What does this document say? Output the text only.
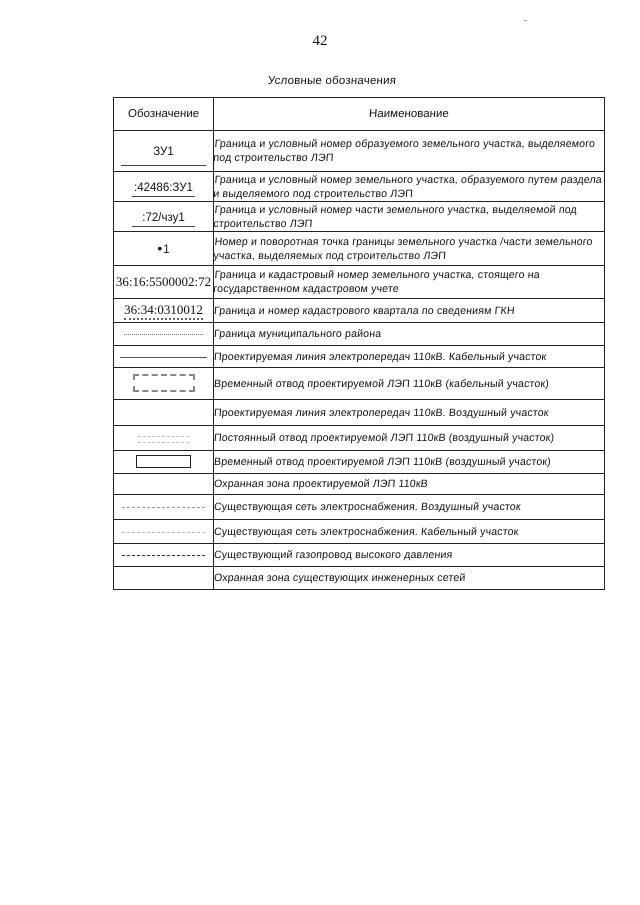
42
Условные обозначения
Обозначение	Наименование
ЗУ1	Граница и условный номер образуемого земельного участка, выделяемого под строительство ЛЭП

:42486:ЗУ1	Граница и условный номер земельного участка, образуемого путем раздела и выделяемого под строительство ЛЭП

:72/чзу1	Граница и условный номер части земельного участка, выделяемой под строительство ЛЭП

• 1	Номер и поворотная точка границы земельного участка /части земельного участка, выделяемых под строительство ЛЭП

36:16:5500002:72	Граница и кадастровый номер земельного участка, стоящего на государственном кадастровом учете

36:34:0310012	Граница и номер кадастрового квартала по сведениям ГКН

	Граница муниципального района

	Проектируемая линия электропередач 110кВ. Кабельный участок

	Временный отвод проектируемой ЛЭП 110кВ (кабельный участок)

	Проектируемая линия электропередач 110кВ. Воздушный участок

	Постоянный отвод проектируемой ЛЭП 110кВ (воздушный участок)

	Временный отвод проектируемой ЛЭП 110кВ (воздушный участок)

	Охранная зона проектируемой ЛЭП 110кВ

	Существующая сеть электроснабжения. Воздушный участок

	Существующая сеть электроснабжения. Кабельный участок

	Существующий газопровод высокого давления

	Охранная зона существующих инженерных сетей
